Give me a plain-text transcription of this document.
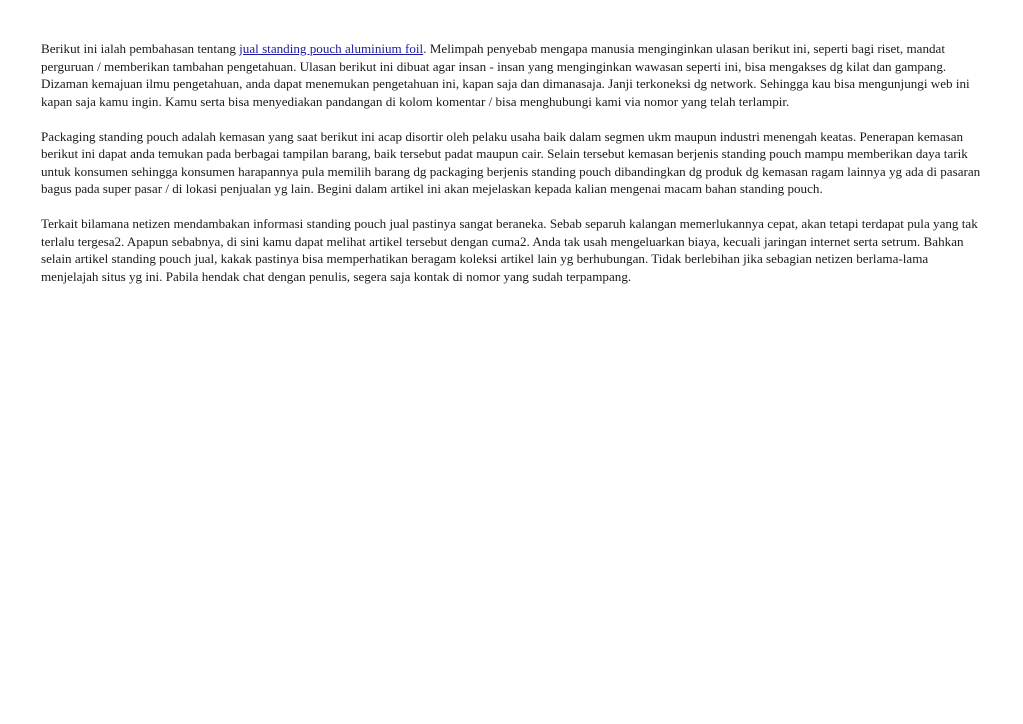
Berikut ini ialah pembahasan tentang jual standing pouch aluminium foil. Melimpah penyebab mengapa manusia menginginkan ulasan berikut ini, seperti bagi riset, mandat perguruan / memberikan tambahan pengetahuan. Ulasan berikut ini dibuat agar insan - insan yang menginginkan wawasan seperti ini, bisa mengakses dg kilat dan gampang. Dizaman kemajuan ilmu pengetahuan, anda dapat menemukan pengetahuan ini, kapan saja dan dimanasaja. Janji terkoneksi dg network. Sehingga kau bisa mengunjungi web ini kapan saja kamu ingin. Kamu serta bisa menyediakan pandangan di kolom komentar / bisa menghubungi kami via nomor yang telah terlampir.

Packaging standing pouch adalah kemasan yang saat berikut ini acap disortir oleh pelaku usaha baik dalam segmen ukm maupun industri menengah keatas. Penerapan kemasan berikut ini dapat anda temukan pada berbagai tampilan barang, baik tersebut padat maupun cair. Selain tersebut kemasan berjenis standing pouch mampu memberikan daya tarik untuk konsumen sehingga konsumen harapannya pula memilih barang dg packaging berjenis standing pouch dibandingkan dg produk dg kemasan ragam lainnya yg ada di pasaran bagus pada super pasar / di lokasi penjualan yg lain. Begini dalam artikel ini akan mejelaskan kepada kalian mengenai macam bahan standing pouch.

Terkait bilamana netizen mendambakan informasi standing pouch jual pastinya sangat beraneka. Sebab separuh kalangan memerlukannya cepat, akan tetapi terdapat pula yang tak terlalu tergesa2. Apapun sebabnya, di sini kamu dapat melihat artikel tersebut dengan cuma2. Anda tak usah mengeluarkan biaya, kecuali jaringan internet serta setrum. Bahkan selain artikel standing pouch jual, kakak pastinya bisa memperhatikan beragam koleksi artikel lain yg berhubungan. Tidak berlebihan jika sebagian netizen berlama-lama menjelajah situs yg ini. Pabila hendak chat dengan penulis, segera saja kontak di nomor yang sudah terpampang.
